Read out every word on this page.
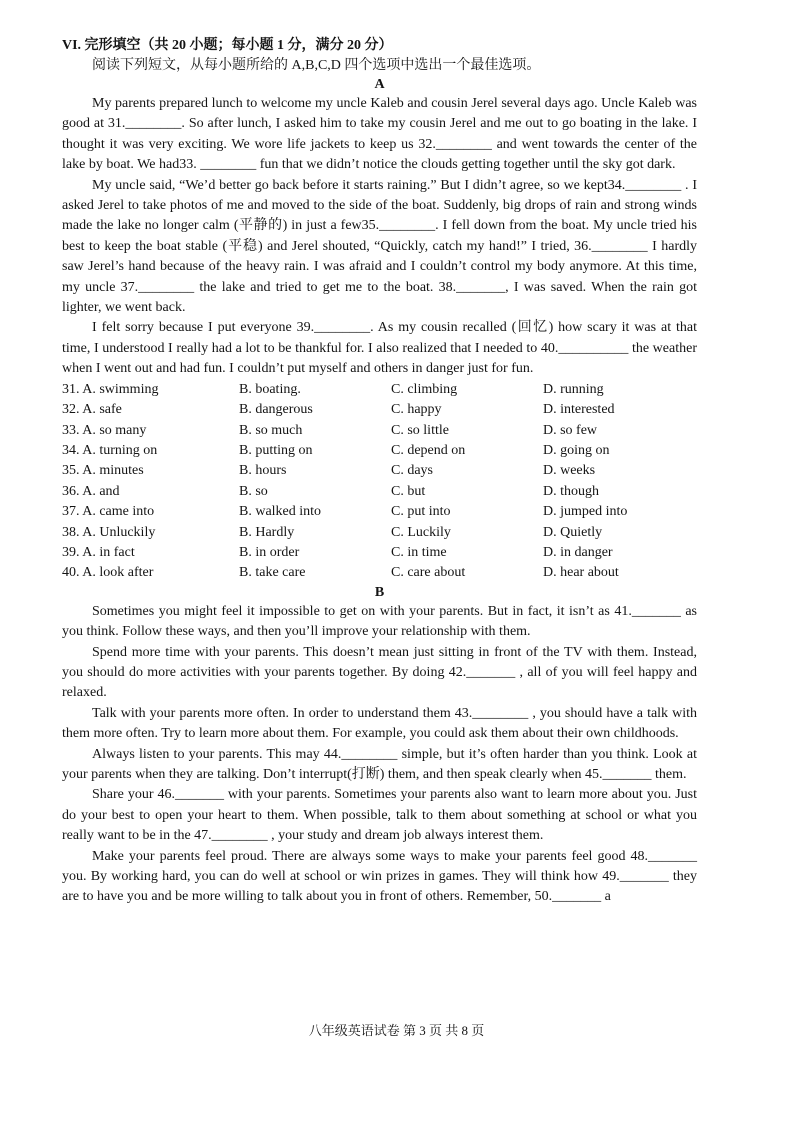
VI. 完形填空（共 20 小题；每小题 1 分，满分 20 分）
阅读下列短文，从每小题所给的 A,B,C,D 四个选项中选出一个最佳选项。
A

My parents prepared lunch to welcome my uncle Kaleb and cousin Jerel several days ago. Uncle Kaleb was good at 31.________. So after lunch, I asked him to take my cousin Jerel and me out to go boating in the lake. I thought it was very exciting. We wore life jackets to keep us 32.________ and went towards the center of the lake by boat. We had33. ________ fun that we didn’t notice the clouds getting together until the sky got dark.

My uncle said, “We’d better go back before it starts raining.” But I didn’t agree, so we kept34.________ . I asked Jerel to take photos of me and moved to the side of the boat. Suddenly, big drops of rain and strong winds made the lake no longer calm (平静的) in just a few35.________. I fell down from the boat. My uncle tried his best to keep the boat stable (平稳) and Jerel shouted, “Quickly, catch my hand!” I tried, 36.________ I hardly saw Jerel’s hand because of the heavy rain. I was afraid and I couldn’t control my body anymore. At this time, my uncle 37.________ the lake and tried to get me to the boat. 38._______, I was saved. When the rain got lighter, we went back.

I felt sorry because I put everyone 39.________. As my cousin recalled (回忆) how scary it was at that time, I understood I really had a lot to be thankful for. I also realized that I needed to 40.__________ the weather when I went out and had fun. I couldn’t put myself and others in danger just for fun.

31. A. swimming	B. boating.	C. climbing	D. running
32. A. safe	B. dangerous	C. happy	D. interested
33. A. so many	B. so much	C. so little	D. so few
34. A. turning on	B. putting on	C. depend on	D. going on
35. A. minutes	B. hours	C. days	D. weeks
36. A. and	B. so	C. but	D. though
37. A. came into	B. walked into	C. put into	D. jumped into
38. A. Unluckily	B. Hardly	C. Luckily	D. Quietly
39. A. in fact	B. in order	C. in time	D. in danger
40. A. look after	B. take care	C. care about	D. hear about
B

Sometimes you might feel it impossible to get on with your parents. But in fact, it isn’t as 41._______ as you think. Follow these ways, and then you’ll improve your relationship with them.

Spend more time with your parents. This doesn’t mean just sitting in front of the TV with them. Instead, you should do more activities with your parents together. By doing 42._______ , all of you will feel happy and relaxed.

Talk with your parents more often. In order to understand them 43.________ , you should have a talk with them more often. Try to learn more about them. For example, you could ask them about their own childhoods.

Always listen to your parents. This may 44.________ simple, but it’s often harder than you think. Look at your parents when they are talking. Don’t interrupt(打断) them, and then speak clearly when 45._______ them.

Share your 46._______ with your parents. Sometimes your parents also want to learn more about you. Just do your best to open your heart to them. When possible, talk to them about something at school or what you really want to be in the 47.________ , your study and dream job always interest them.

Make your parents feel proud. There are always some ways to make your parents feel good 48._______ you. By working hard, you can do well at school or win prizes in games. They will think how 49._______ they are to have you and be more willing to talk about you in front of others. Remember, 50._______ a

八年级英语试卷 第 3 页 共 8 页
